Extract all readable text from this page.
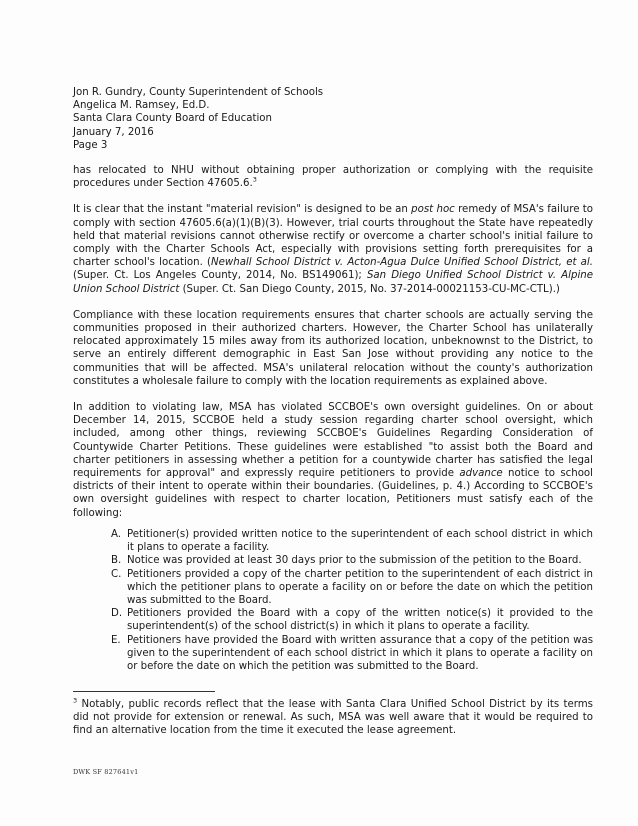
Jon R. Gundry, County Superintendent of Schools
Angelica M. Ramsey, Ed.D.
Santa Clara County Board of Education
January 7, 2016
Page 3

has relocated to NHU without obtaining proper authorization or complying with the requisite procedures under Section 47605.6.$^3$

It is clear that the instant "material revision" is designed to be an post hoc remedy of MSA's failure to comply with section 47605.6(a)(1)(B)(3). However, trial courts throughout the State have repeatedly held that material revisions cannot otherwise rectify or overcome a charter school's initial failure to comply with the Charter Schools Act, especially with provisions setting forth prerequisites for a charter school's location. (Newhall School District v. Acton-Agua Dulce Unified School District, et al. (Super. Ct. Los Angeles County, 2014, No. BS149061); San Diego Unified School District v. Alpine Union School District (Super. Ct. San Diego County, 2015, No. 37-2014-00021153-CU-MC-CTL).)

Compliance with these location requirements ensures that charter schools are actually serving the communities proposed in their authorized charters. However, the Charter School has unilaterally relocated approximately 15 miles away from its authorized location, unbeknownst to the District, to serve an entirely different demographic in East San Jose without providing any notice to the communities that will be affected. MSA's unilateral relocation without the county's authorization constitutes a wholesale failure to comply with the location requirements as explained above.

In addition to violating law, MSA has violated SCCBOE's own oversight guidelines. On or about December 14, 2015, SCCBOE held a study session regarding charter school oversight, which included, among other things, reviewing SCCBOE's Guidelines Regarding Consideration of Countywide Charter Petitions. These guidelines were established "to assist both the Board and charter petitioners in assessing whether a petition for a countywide charter has satisfied the legal requirements for approval" and expressly require petitioners to provide advance notice to school districts of their intent to operate within their boundaries. (Guidelines, p. 4.) According to SCCBOE's own oversight guidelines with respect to charter location, Petitioners must satisfy each of the following:

A. Petitioner(s) provided written notice to the superintendent of each school district in which it plans to operate a facility.
B. Notice was provided at least 30 days prior to the submission of the petition to the Board.
C. Petitioners provided a copy of the charter petition to the superintendent of each district in which the petitioner plans to operate a facility on or before the date on which the petition was submitted to the Board.
D. Petitioners provided the Board with a copy of the written notice(s) it provided to the superintendent(s) of the school district(s) in which it plans to operate a facility.
E. Petitioners have provided the Board with written assurance that a copy of the petition was given to the superintendent of each school district in which it plans to operate a facility on or before the date on which the petition was submitted to the Board.
$^3$ Notably, public records reflect that the lease with Santa Clara Unified School District by its terms did not provide for extension or renewal. As such, MSA was well aware that it would be required to find an alternative location from the time it executed the lease agreement.
DWK SF 827641v1
